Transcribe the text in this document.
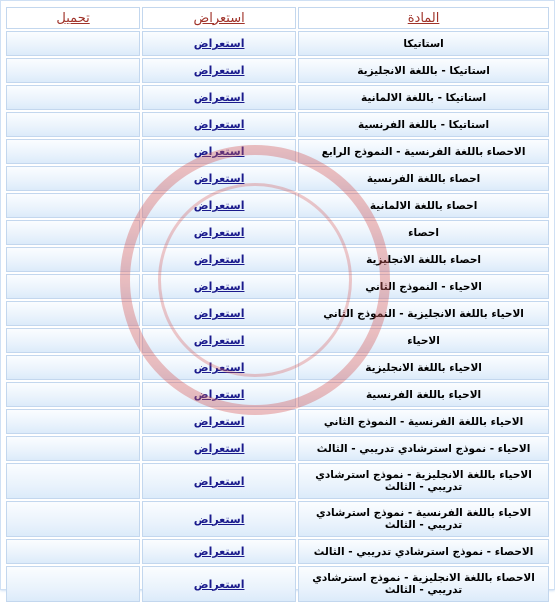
المادة	استعراض	تحميل
استاتيكا	استعراض	
استاتيكا - باللغة الانجليزية	استعراض	
استاتيكا - باللغة الالمانية	استعراض	
استاتيكا - باللغة الفرنسية	استعراض	
الاحصاء باللغة الفرنسية - النموذج الرابع	استعراض	
احصاء باللغة الفرنسية	استعراض	
احصاء باللغة الالمانية	استعراض	
احصاء	استعراض	
احصاء باللغة الانجليزية	استعراض	
الاحياء - النموذج الثاني	استعراض	
الاحياء باللغة الانجليزية - النموذج الثاني	استعراض	
الاحياء	استعراض	
الاحياء باللغة الانجليزية	استعراض	
الاحياء باللغة الفرنسية	استعراض	
الاحياء باللغة الفرنسية - النموذج الثاني	استعراض	
الاحياء - نموذج استرشادي تدريبي - الثالث	استعراض	
الاحياء باللغة الانجليزية - نموذج استرشادي تدريبي - الثالث	استعراض	
الاحياء باللغة الفرنسية - نموذج استرشادي تدريبي - الثالث	استعراض	
الاحصاء - نموذج استرشادي تدريبي - الثالث	استعراض	
الاحصاء باللغة الانجليزية - نموذج استرشادي تدريبي - الثالث	استعراض	
